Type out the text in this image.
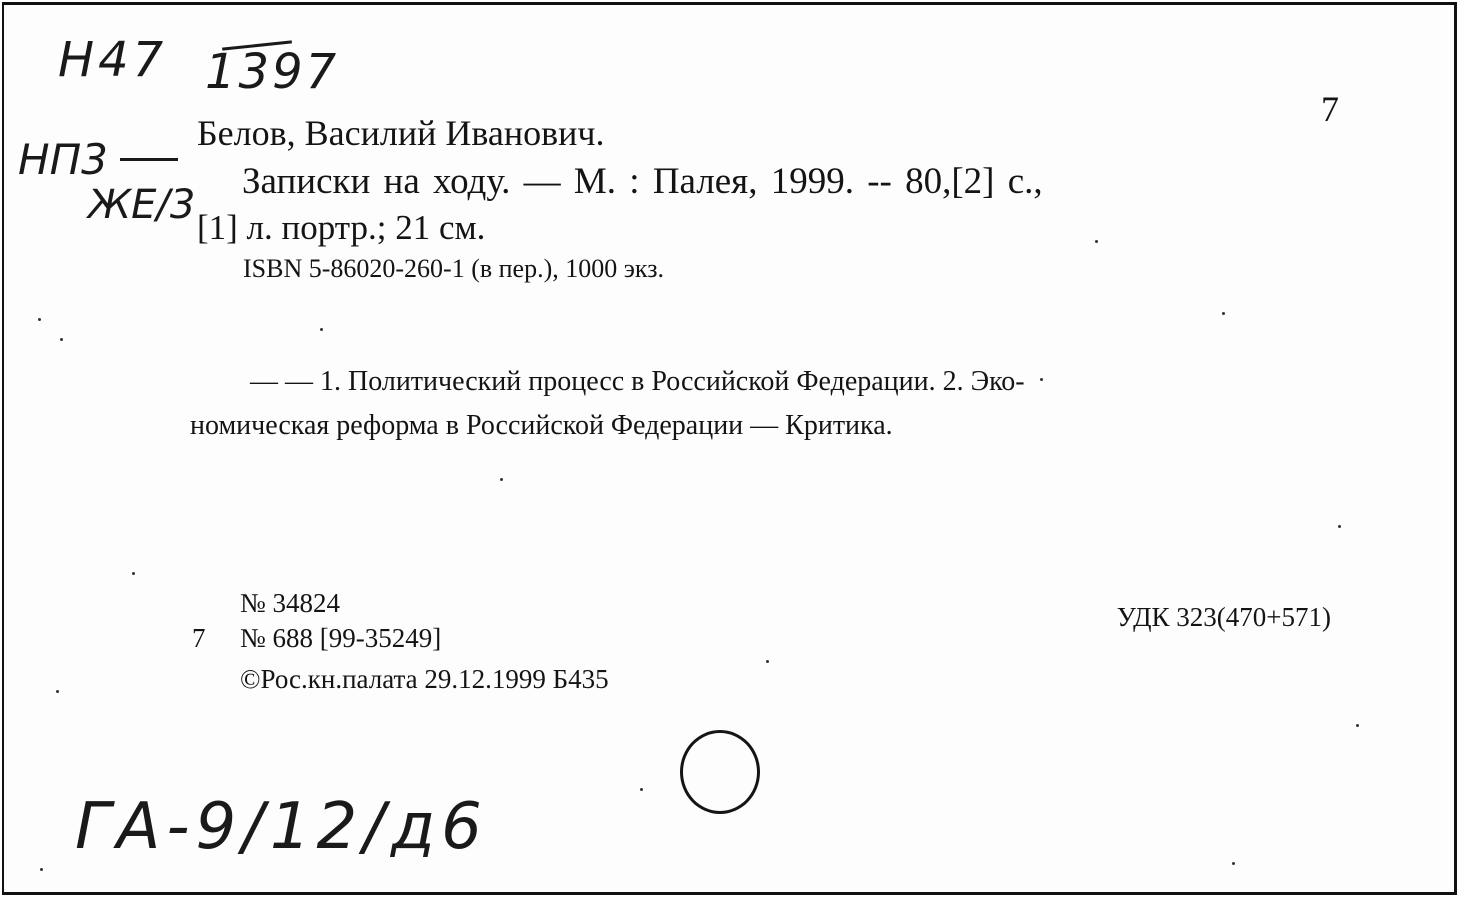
Н47 1397
НП3
ЖЕ/3
7
Белов, Василий Иванович.
Записки на ходу. — М. : Палея, 1999. -- 80,[2] с.,
[1] л. портр.; 21 см.
ISBN 5-86020-260-1 (в пер.), 1000 экз.
— — 1. Политический процесс в Российской Федерации. 2. Эко-
номическая реформа в Российской Федерации — Критика.
№ 34824
7 № 688 [99-35249]
©Рос.кн.палата 29.12.1999 Б435
УДК 323(470+571)
ГА-9/12/д6
